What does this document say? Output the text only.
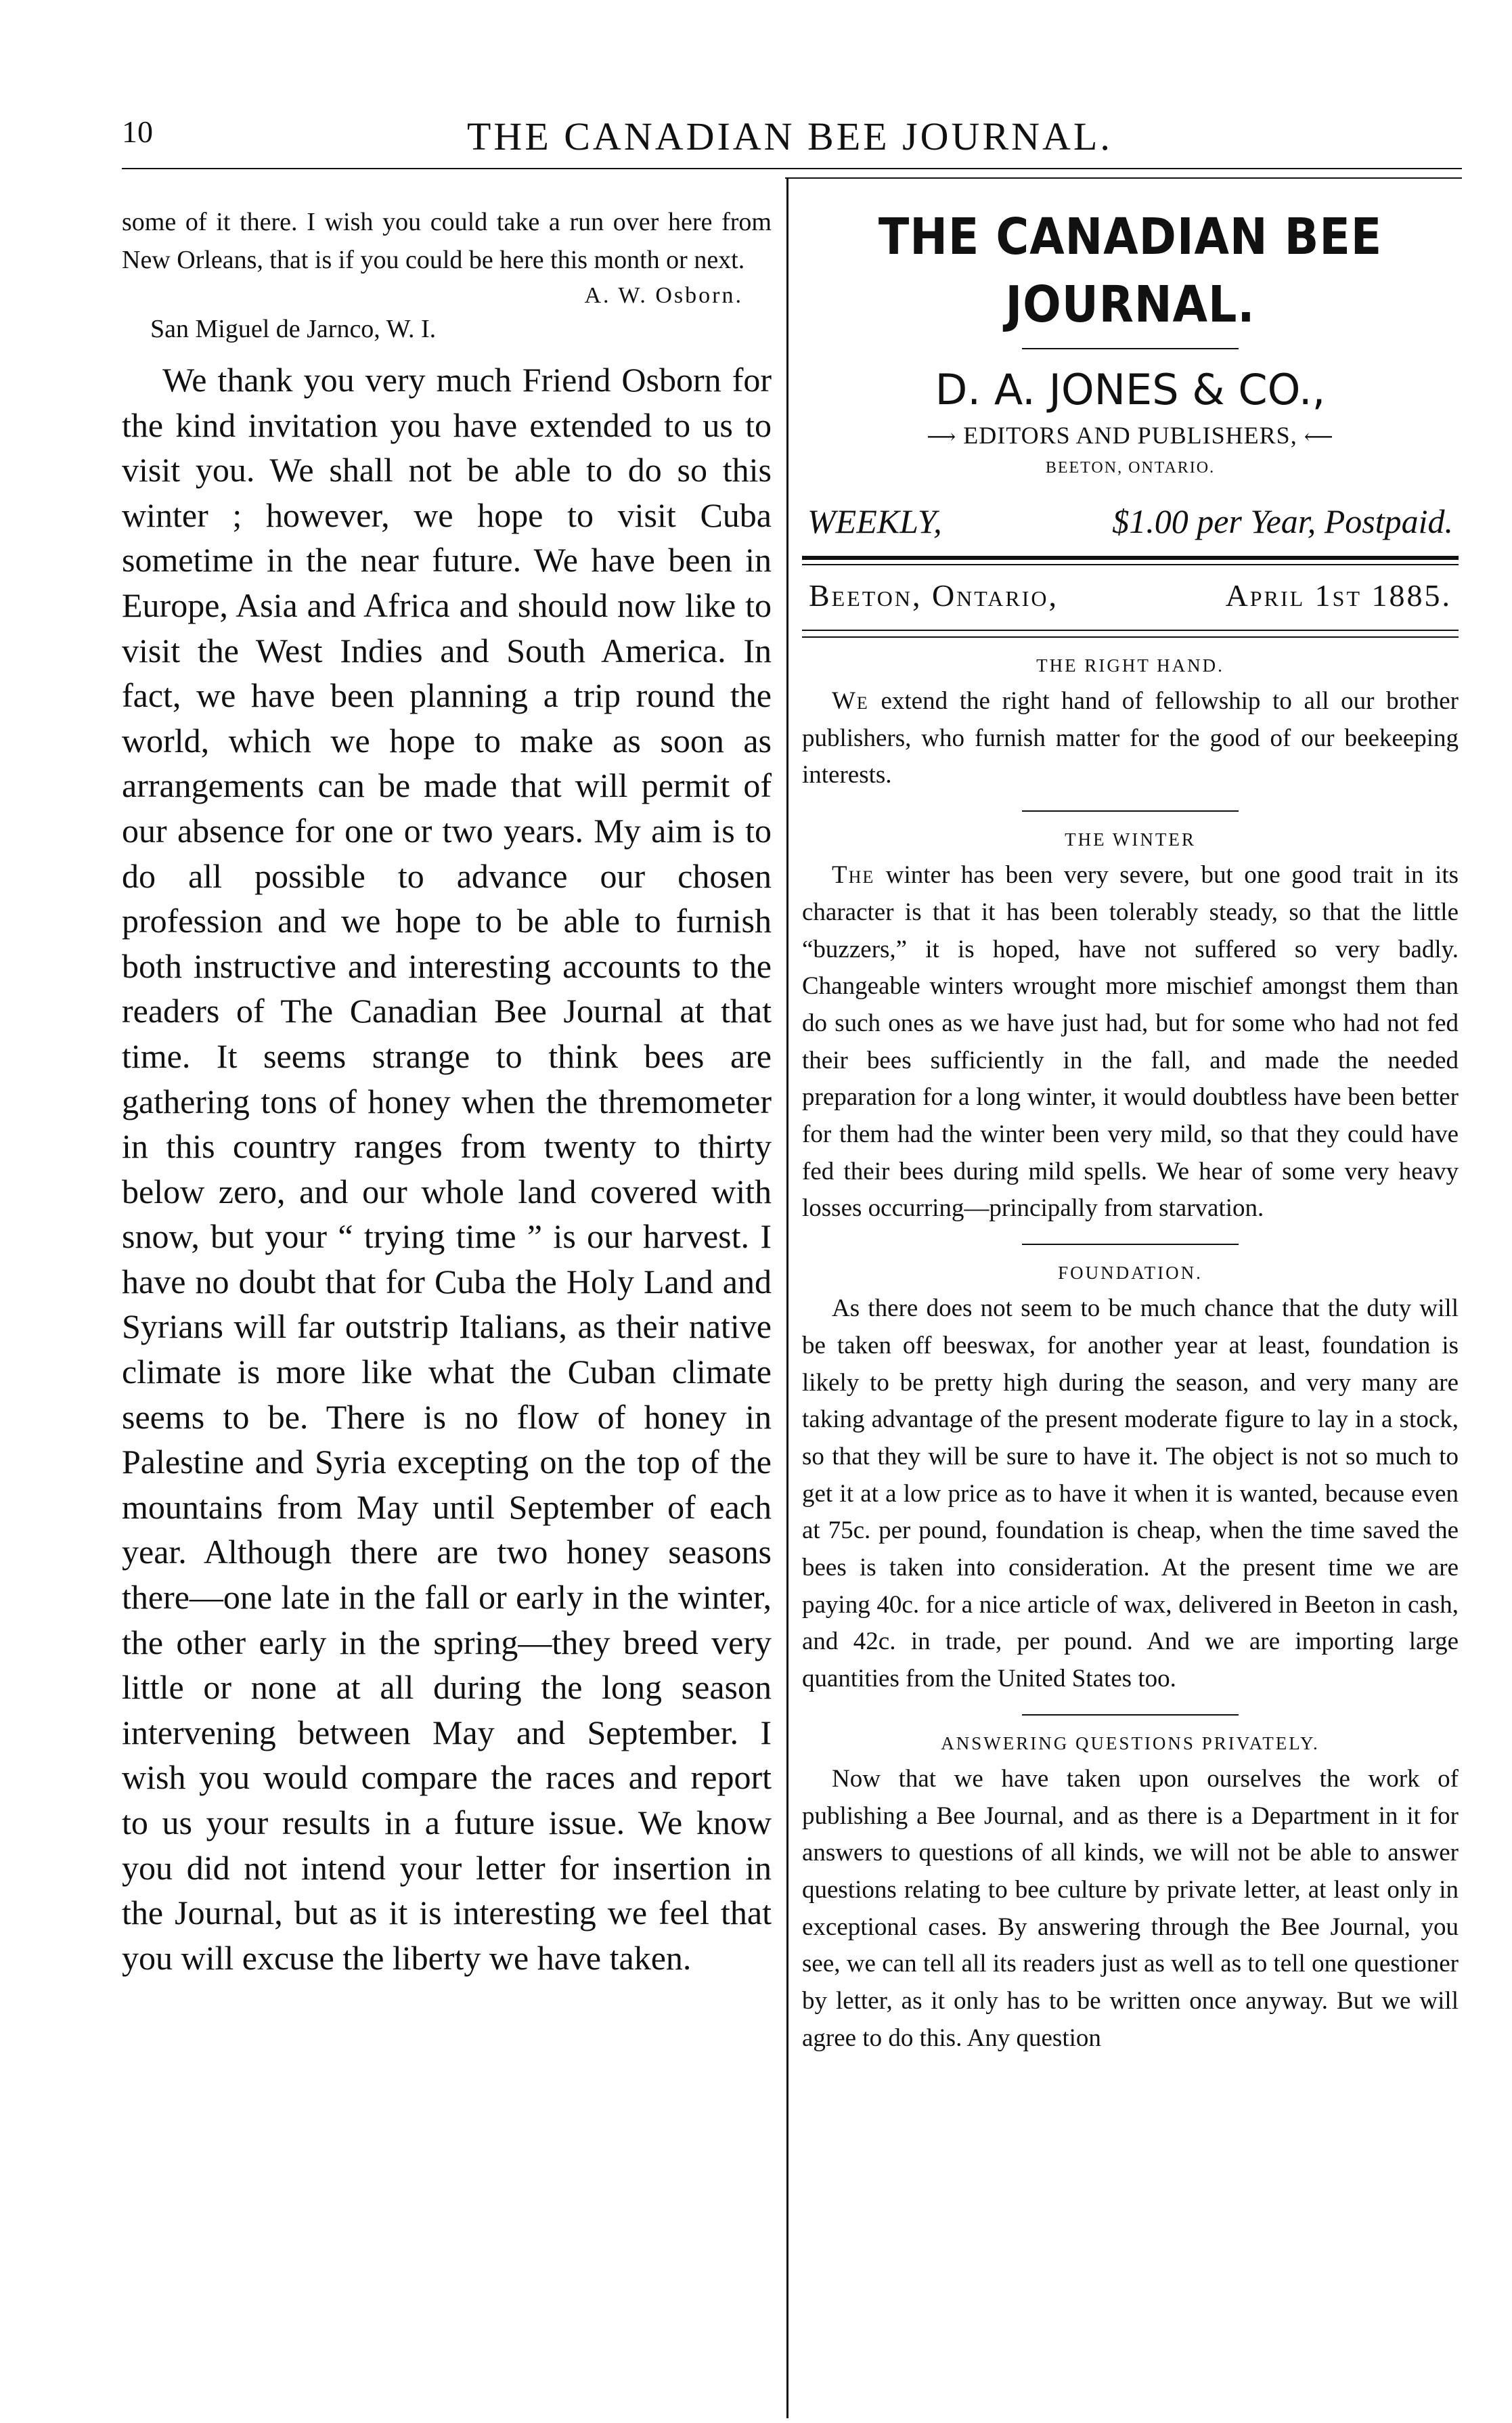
10	THE CANADIAN BEE JOURNAL.

some of it there. I wish you could take a run over here from New Orleans, that is if you could be here this month or next.

A. W. Osborn.
San Miguel de Jarnco, W. I.

We thank you very much Friend Osborn for the kind invitation you have extended to us to visit you. We shall not be able to do so this winter ; however, we hope to visit Cuba sometime in the near future. We have been in Europe, Asia and Africa and should now like to visit the West Indies and South America. In fact, we have been planning a trip round the world, which we hope to make as soon as arrangements can be made that will permit of our absence for one or two years. My aim is to do all possible to advance our chosen profession and we hope to be able to furnish both instructive and interesting accounts to the readers of The Canadian Bee Journal at that time. It seems strange to think bees are gathering tons of honey when the thremometer in this country ranges from twenty to thirty below zero, and our whole land covered with snow, but your “ trying time ” is our harvest. I have no doubt that for Cuba the Holy Land and Syrians will far outstrip Italians, as their native climate is more like what the Cuban climate seems to be. There is no flow of honey in Palestine and Syria excepting on the top of the mountains from May until September of each year. Although there are two honey seasons there—one late in the fall or early in the winter, the other early in the spring—they breed very little or none at all during the long season intervening between May and September. I wish you would compare the races and report to us your results in a future issue. We know you did not intend your letter for insertion in the Journal, but as it is interesting we feel that you will excuse the liberty we have taken.

THE CANADIAN BEE JOURNAL.
D. A. JONES & CO.,
⟶ EDITORS AND PUBLISHERS, ⟵
BEETON, ONTARIO.
WEEKLY,	$1.00 per Year, Postpaid.
Beeton, Ontario,	April 1st 1885.
THE RIGHT HAND.

We extend the right hand of fellowship to all our brother publishers, who furnish matter for the good of our beekeeping interests.

THE WINTER

The winter has been very severe, but one good trait in its character is that it has been tolerably steady, so that the little “buzzers,” it is hoped, have not suffered so very badly. Changeable winters wrought more mischief amongst them than do such ones as we have just had, but for some who had not fed their bees sufficiently in the fall, and made the needed preparation for a long winter, it would doubtless have been better for them had the winter been very mild, so that they could have fed their bees during mild spells. We hear of some very heavy losses occurring—principally from starvation.

FOUNDATION.

As there does not seem to be much chance that the duty will be taken off beeswax, for another year at least, foundation is likely to be pretty high during the season, and very many are taking advantage of the present moderate figure to lay in a stock, so that they will be sure to have it. The object is not so much to get it at a low price as to have it when it is wanted, because even at 75c. per pound, foundation is cheap, when the time saved the bees is taken into consideration. At the present time we are paying 40c. for a nice article of wax, delivered in Beeton in cash, and 42c. in trade, per pound. And we are importing large quantities from the United States too.

ANSWERING QUESTIONS PRIVATELY.

Now that we have taken upon ourselves the work of publishing a Bee Journal, and as there is a Department in it for answers to questions of all kinds, we will not be able to answer questions relating to bee culture by private letter, at least only in exceptional cases. By answering through the Bee Journal, you see, we can tell all its readers just as well as to tell one questioner by letter, as it only has to be written once anyway. But we will agree to do this. Any question
